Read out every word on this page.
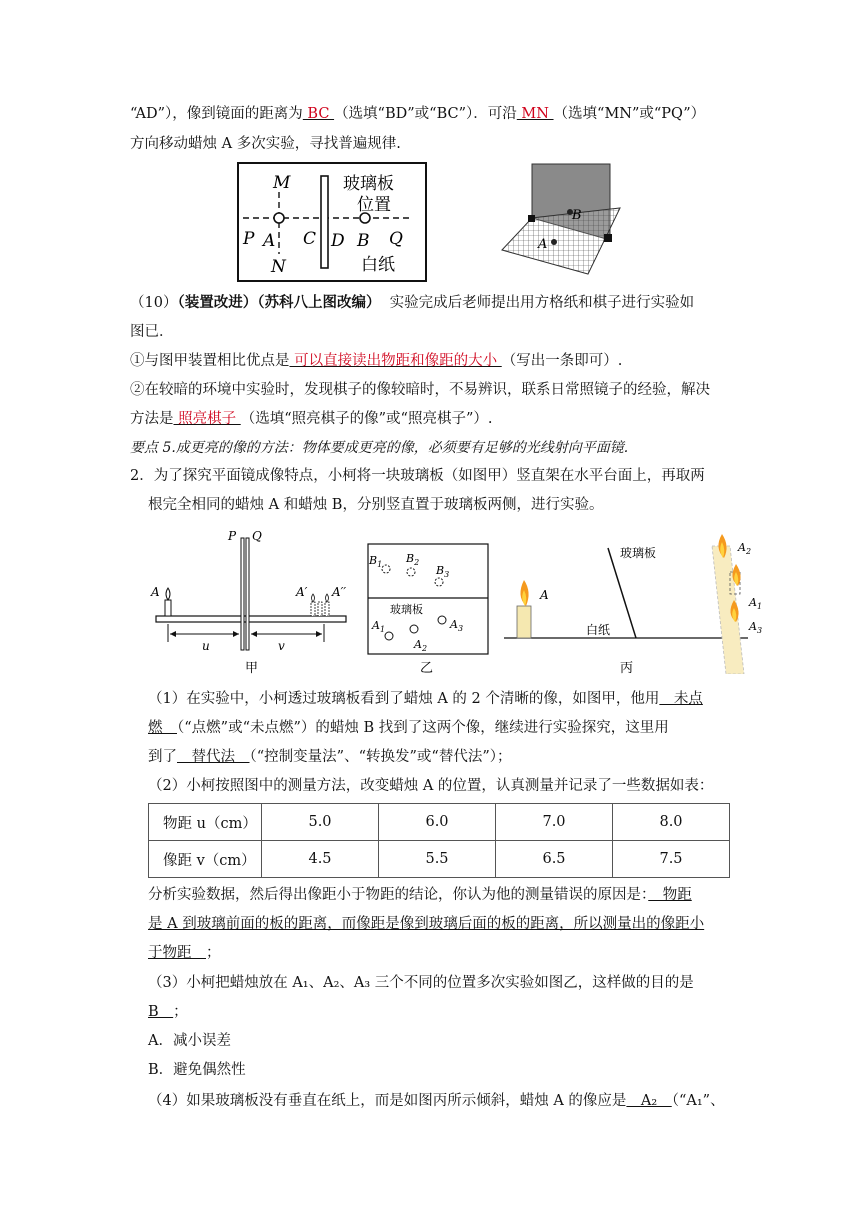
“AD”），像到镜面的距离为 BC （选填“BD”或“BC”）．可沿 MN （选填“MN”或“PQ”）
方向移动蜡烛 A 多次实验，寻找普遍规律.
M
P A C D B Q
N
玻璃板
位置
白纸
B
A
（10）（装置改进）（苏科八上图改编） 实验完成后老师提出用方格纸和棋子进行实验如
图已．
①与图甲装置相比优点是 可以直接读出物距和像距的大小 （写出一条即可）.
②在较暗的环境中实验时，发现棋子的像较暗时，不易辨识，联系日常照镜子的经验，解决
方法是 照亮棋子 （选填“照亮棋子的像”或“照亮棋子”）.
要点 5.成更亮的像的方法：物体要成更亮的像，必须要有足够的光线射向平面镜.
2．为了探究平面镜成像特点，小柯将一块玻璃板（如图甲）竖直架在水平台面上，再取两
根完全相同的蜡烛 A 和蜡烛 B，分别竖直置于玻璃板两侧，进行实验。
P Q
A	A′ A′′
u	v
甲
$B_1$ $B_2$
$B_3$
玻璃板
$A_1$
$A_2$
$A_3$
乙
玻璃板
A
白纸
$A_2$
$A_1$
$A_3$
丙
（1）在实验中，小柯透过玻璃板看到了蜡烛 A 的 2 个清晰的像，如图甲，他用　未点
燃　（“点燃”或“未点燃”）的蜡烛 B 找到了这两个像，继续进行实验探究，这里用
到了　替代法　（“控制变量法”、“转换发”或“替代法”）；
（2）小柯按照图中的测量方法，改变蜡烛 A 的位置，认真测量并记录了一些数据如表：
物距 u（cm）	5.0	6.0	7.0	8.0
像距 v（cm）	4.5	5.5	6.5	7.5
分析实验数据，然后得出像距小于物距的结论，你认为他的测量错误的原因是：　物距
是 A 到玻璃前面的板的距离，而像距是像到玻璃后面的板的距离，所以测量出的像距小
于物距　；
（3）小柯把蜡烛放在 A₁、A₂、A₃ 三个不同的位置多次实验如图乙，这样做的目的是
B　；
A．减小误差
B．避免偶然性
（4）如果玻璃板没有垂直在纸上，而是如图丙所示倾斜，蜡烛 A 的像应是　A₂　（“A₁”、
